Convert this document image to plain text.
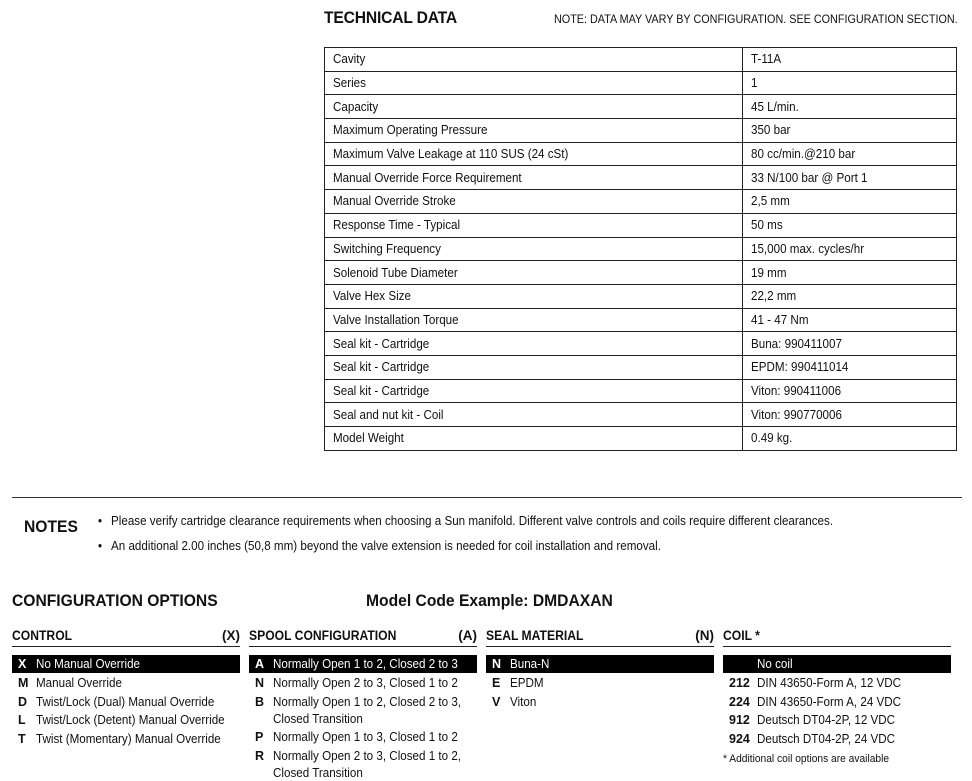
TECHNICAL DATA	NOTE: DATA MAY VARY BY CONFIGURATION. SEE CONFIGURATION SECTION.
Cavity	T-11A
Series	1
Capacity	45 L/min.
Maximum Operating Pressure	350 bar
Maximum Valve Leakage at 110 SUS (24 cSt)	80 cc/min.@210 bar
Manual Override Force Requirement	33 N/100 bar @ Port 1
Manual Override Stroke	2,5 mm
Response Time - Typical	50 ms
Switching Frequency	15,000 max. cycles/hr
Solenoid Tube Diameter	19 mm
Valve Hex Size	22,2 mm
Valve Installation Torque	41 - 47 Nm
Seal kit - Cartridge	Buna: 990411007
Seal kit - Cartridge	EPDM: 990411014
Seal kit - Cartridge	Viton: 990411006
Seal and nut kit - Coil	Viton: 990770006
Model Weight	0.49 kg.
NOTES • Please verify cartridge clearance requirements when choosing a Sun manifold. Different valve controls and coils require different clearances.
• An additional 2.00 inches (50,8 mm) beyond the valve extension is needed for coil installation and removal.
CONFIGURATION OPTIONS	Model Code Example: DMDAXAN
CONTROL	(X) SPOOL CONFIGURATION	(A) SEAL MATERIAL	(N) COIL *
X No Manual Override
M Manual Override
D Twist/Lock (Dual) Manual Override
L Twist/Lock (Detent) Manual Override
T Twist (Momentary) Manual Override
A Normally Open 1 to 2, Closed 2 to 3
N Normally Open 2 to 3, Closed 1 to 2
B Normally Open 1 to 2, Closed 2 to 3,
Closed Transition
P Normally Open 1 to 3, Closed 1 to 2
R Normally Open 2 to 3, Closed 1 to 2,
Closed Transition
N Buna-N
E EPDM
V Viton
No coil
212 DIN 43650-Form A, 12 VDC
224 DIN 43650-Form A, 24 VDC
912 Deutsch DT04-2P, 12 VDC
924 Deutsch DT04-2P, 24 VDC
* Additional coil options are available
